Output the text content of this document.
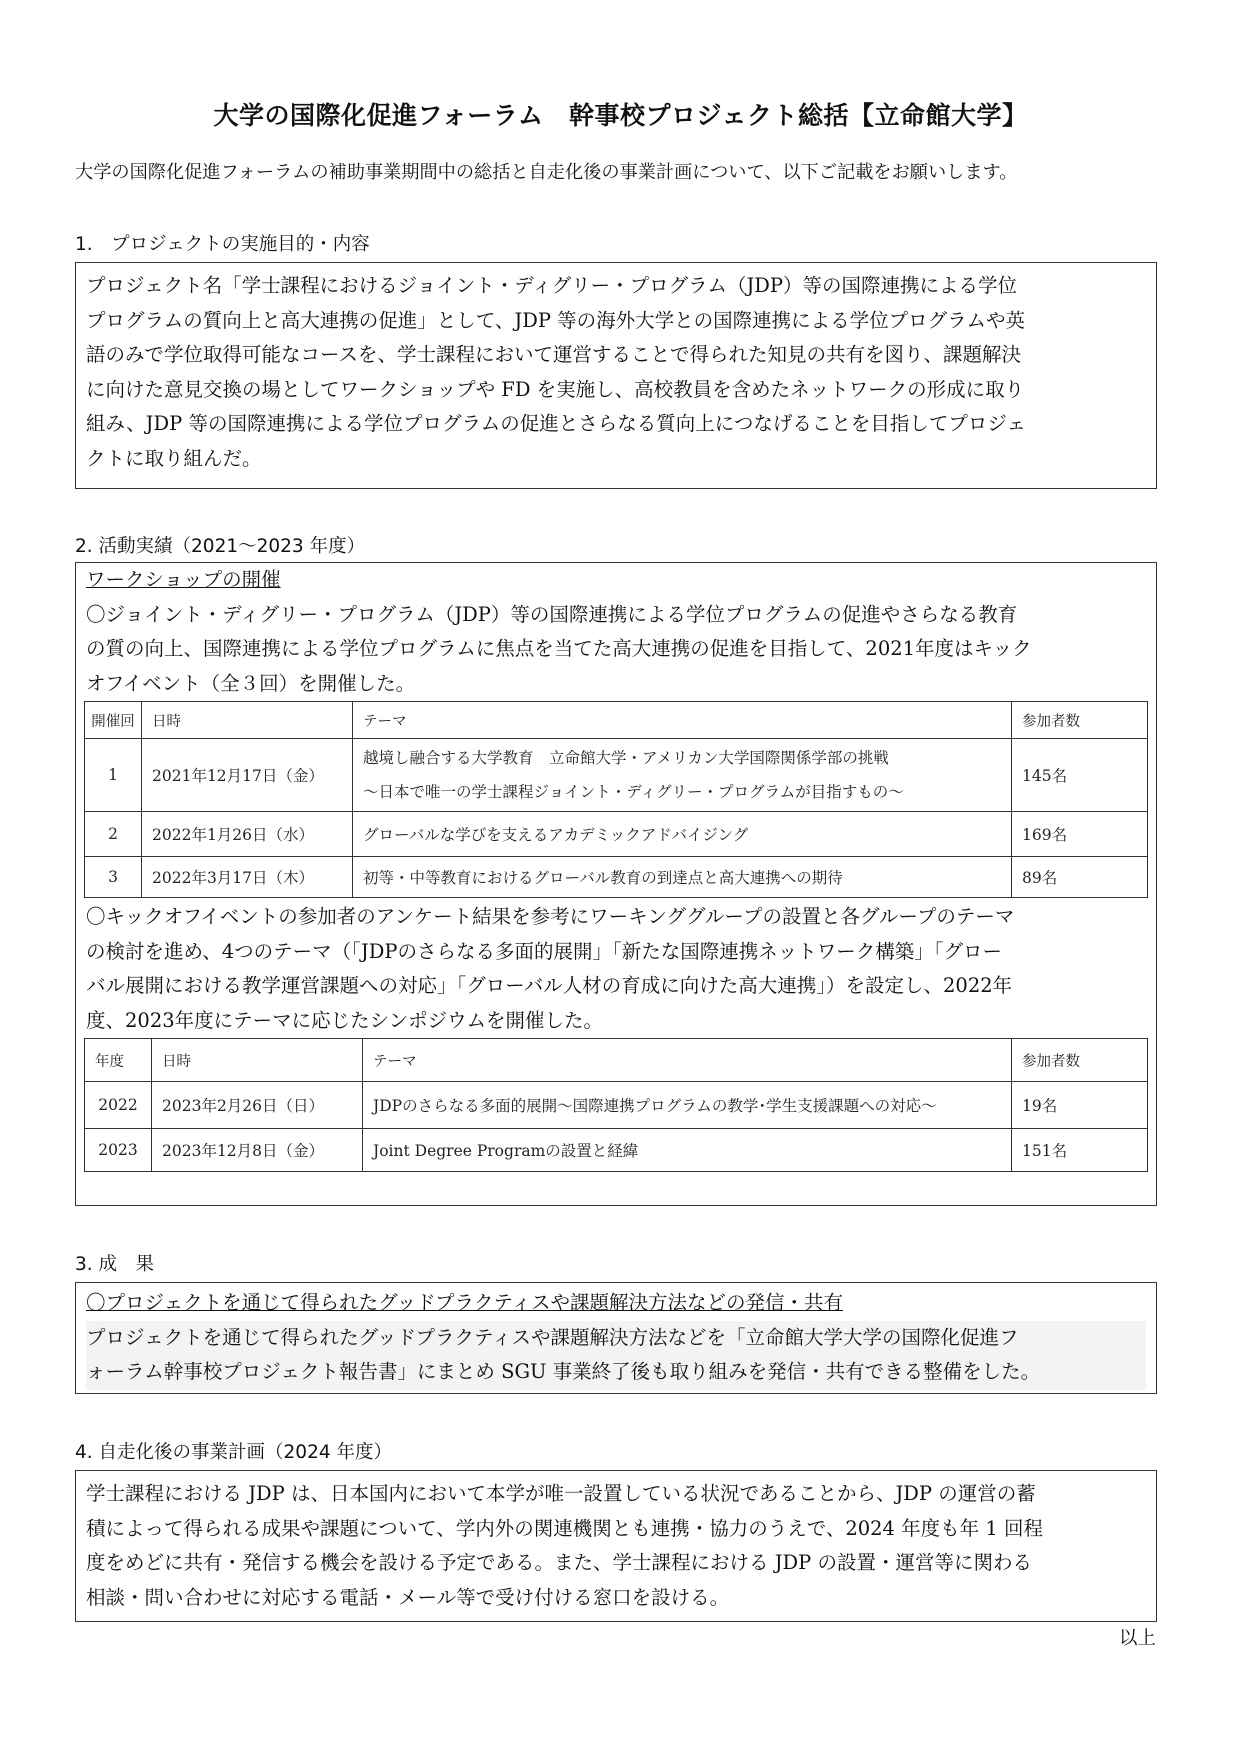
大学の国際化促進フォーラム　幹事校プロジェクト総括【立命館大学】
大学の国際化促進フォーラムの補助事業期間中の総括と自走化後の事業計画について、以下ご記載をお願いします。
1.　プロジェクトの実施目的・内容
プロジェクト名「学士課程におけるジョイント・ディグリー・プログラム（JDP）等の国際連携による学位
プログラムの質向上と高大連携の促進」として、JDP 等の海外大学との国際連携による学位プログラムや英
語のみで学位取得可能なコースを、学士課程において運営することで得られた知見の共有を図り、課題解決
に向けた意見交換の場としてワークショップや FD を実施し、高校教員を含めたネットワークの形成に取り
組み、JDP 等の国際連携による学位プログラムの促進とさらなる質向上につなげることを目指してプロジェ
クトに取り組んだ。
2. 活動実績（2021～2023 年度）
ワークショップの開催
〇ジョイント・ディグリー・プログラム（JDP）等の国際連携による学位プログラムの促進やさらなる教育
の質の向上、国際連携による学位プログラムに焦点を当てた高大連携の促進を目指して、2021年度はキック
オフイベント（全３回）を開催した。
開催回	日時	テーマ	参加者数
1	2021年12月17日（金）	越境し融合する大学教育　立命館大学・アメリカン大学国際関係学部の挑戦
～日本で唯一の学士課程ジョイント・ディグリー・プログラムが目指すもの～	145名
2	2022年1月26日（水）	グローバルな学びを支えるアカデミックアドバイジング	169名
3	2022年3月17日（木）	初等・中等教育におけるグローバル教育の到達点と高大連携への期待	89名
〇キックオフイベントの参加者のアンケート結果を参考にワーキンググループの設置と各グループのテーマ
の検討を進め、4つのテーマ（「JDPのさらなる多面的展開」「新たな国際連携ネットワーク構築」「グロー
バル展開における教学運営課題への対応」「グローバル人材の育成に向けた高大連携」）を設定し、2022年
度、2023年度にテーマに応じたシンポジウムを開催した。
年度	日時	テーマ	参加者数
2022	2023年2月26日（日）	JDPのさらなる多面的展開～国際連携プログラムの教学･学生支援課題への対応～	19名
2023	2023年12月8日（金）	Joint Degree Programの設置と経緯	151名
3. 成　果
〇プロジェクトを通じて得られたグッドプラクティスや課題解決方法などの発信・共有
プロジェクトを通じて得られたグッドプラクティスや課題解決方法などを「立命館大学大学の国際化促進フ
ォーラム幹事校プロジェクト報告書」にまとめ SGU 事業終了後も取り組みを発信・共有できる整備をした。
4. 自走化後の事業計画（2024 年度）
学士課程における JDP は、日本国内において本学が唯一設置している状況であることから、JDP の運営の蓄
積によって得られる成果や課題について、学内外の関連機関とも連携・協力のうえで、2024 年度も年 1 回程
度をめどに共有・発信する機会を設ける予定である。また、学士課程における JDP の設置・運営等に関わる
相談・問い合わせに対応する電話・メール等で受け付ける窓口を設ける。
以上
